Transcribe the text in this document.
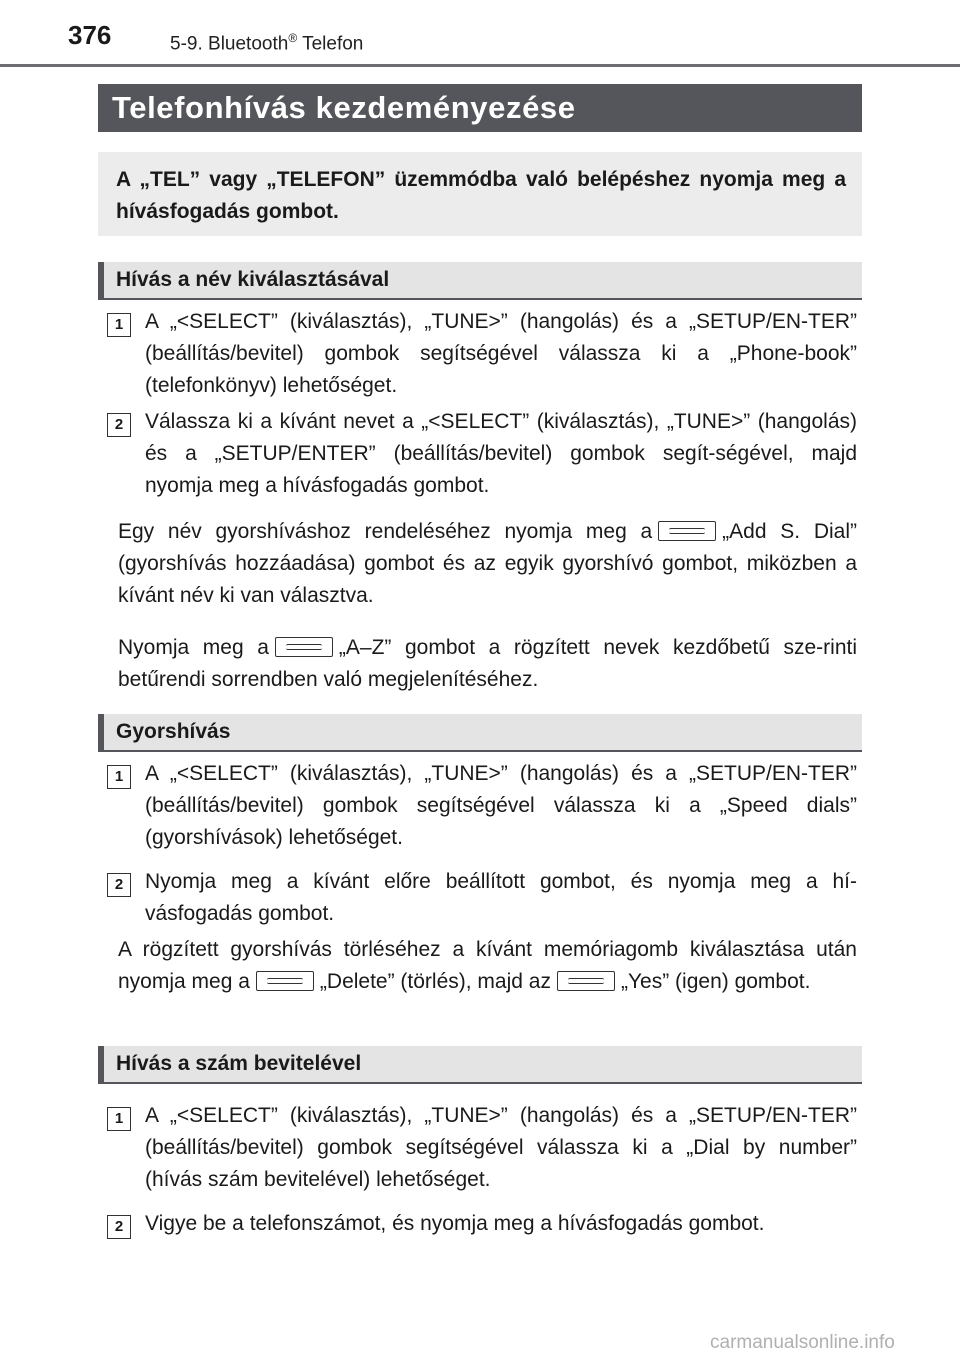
376	5-9. Bluetooth® Telefon
Telefonhívás kezdeményezése

A „TEL” vagy „TELEFON” üzemmódba való belépéshez nyomja meg a hívásfogadás gombot.

Hívás a név kiválasztásával
1	A „<SELECT” (kiválasztás), „TUNE>” (hangolás) és a „SETUP/EN-TER” (beállítás/bevitel) gombok segítségével válassza ki a „Phone-book” (telefonkönyv) lehetőséget.

2	Válassza ki a kívánt nevet a „<SELECT” (kiválasztás), „TUNE>” (hangolás) és a „SETUP/ENTER” (beállítás/bevitel) gombok segít-ségével, majd nyomja meg a hívásfogadás gombot.

Egy név gyorshíváshoz rendeléséhez nyomja meg a	„Add S. Dial” (gyorshívás hozzáadása) gombot és az egyik gyorshívó gombot, miközben a kívánt név ki van választva.

Nyomja meg a	„A–Z” gombot a rögzített nevek kezdőbetű sze-rinti betűrendi sorrendben való megjelenítéséhez.

Gyorshívás
1	A „<SELECT” (kiválasztás), „TUNE>” (hangolás) és a „SETUP/EN-TER” (beállítás/bevitel) gombok segítségével válassza ki a „Speed dials” (gyorshívások) lehetőséget.

2	Nyomja meg a kívánt előre beállított gombot, és nyomja meg a hí-vásfogadás gombot.

A rögzített gyorshívás törléséhez a kívánt memóriagomb kiválasztása után nyomja meg a	„Delete” (törlés), majd az	„Yes” (igen) gombot.

Hívás a szám bevitelével
1	A „<SELECT” (kiválasztás), „TUNE>” (hangolás) és a „SETUP/EN-TER” (beállítás/bevitel) gombok segítségével válassza ki a „Dial by number” (hívás szám bevitelével) lehetőséget.

2	Vigye be a telefonszámot, és nyomja meg a hívásfogadás gombot.

carmanualsonline.info
